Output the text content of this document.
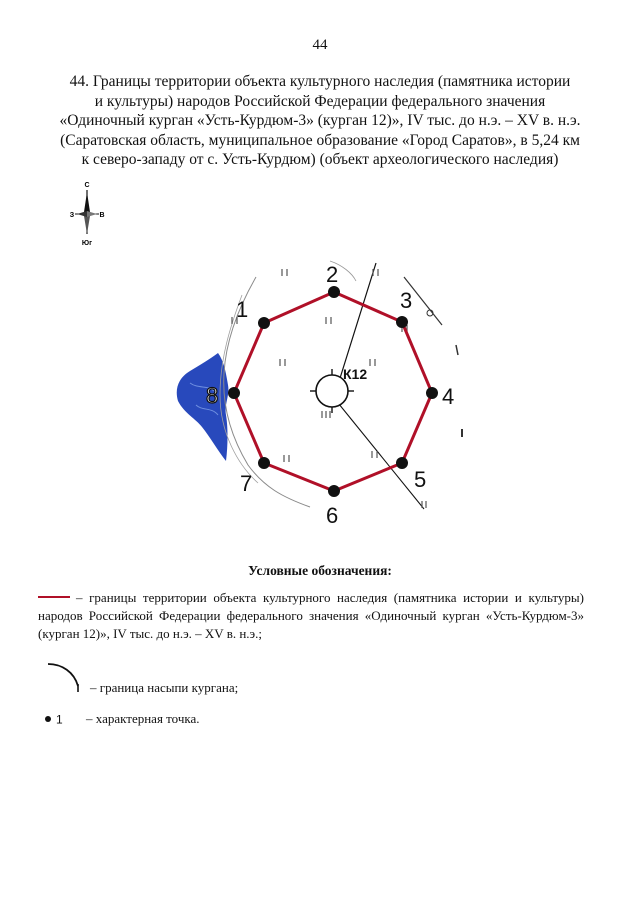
44
44. Границы территории объекта культурного наследия (памятника истории
и культуры) народов Российской Федерации федерального значения
«Одиночный курган «Усть-Курдюм-3» (курган 12)», IV тыс. до н.э. – XV в. н.э.
(Саратовская область, муниципальное образование «Город Саратов», в 5,24 км
к северо-западу от с. Усть-Курдюм) (объект археологического наследия)
С
З	В
Юг
К12
1
2
3
4
5
6
7
8
Условные обозначения:
– границы территории объекта культурного наследия (памятника истории и культуры)
народов Российской Федерации федерального значения «Одиночный курган «Усть-Курдюм-3»
(курган 12)», IV тыс. до н.э. – XV в. н.э.;
– граница насыпи кургана;
1 – характерная точка.
